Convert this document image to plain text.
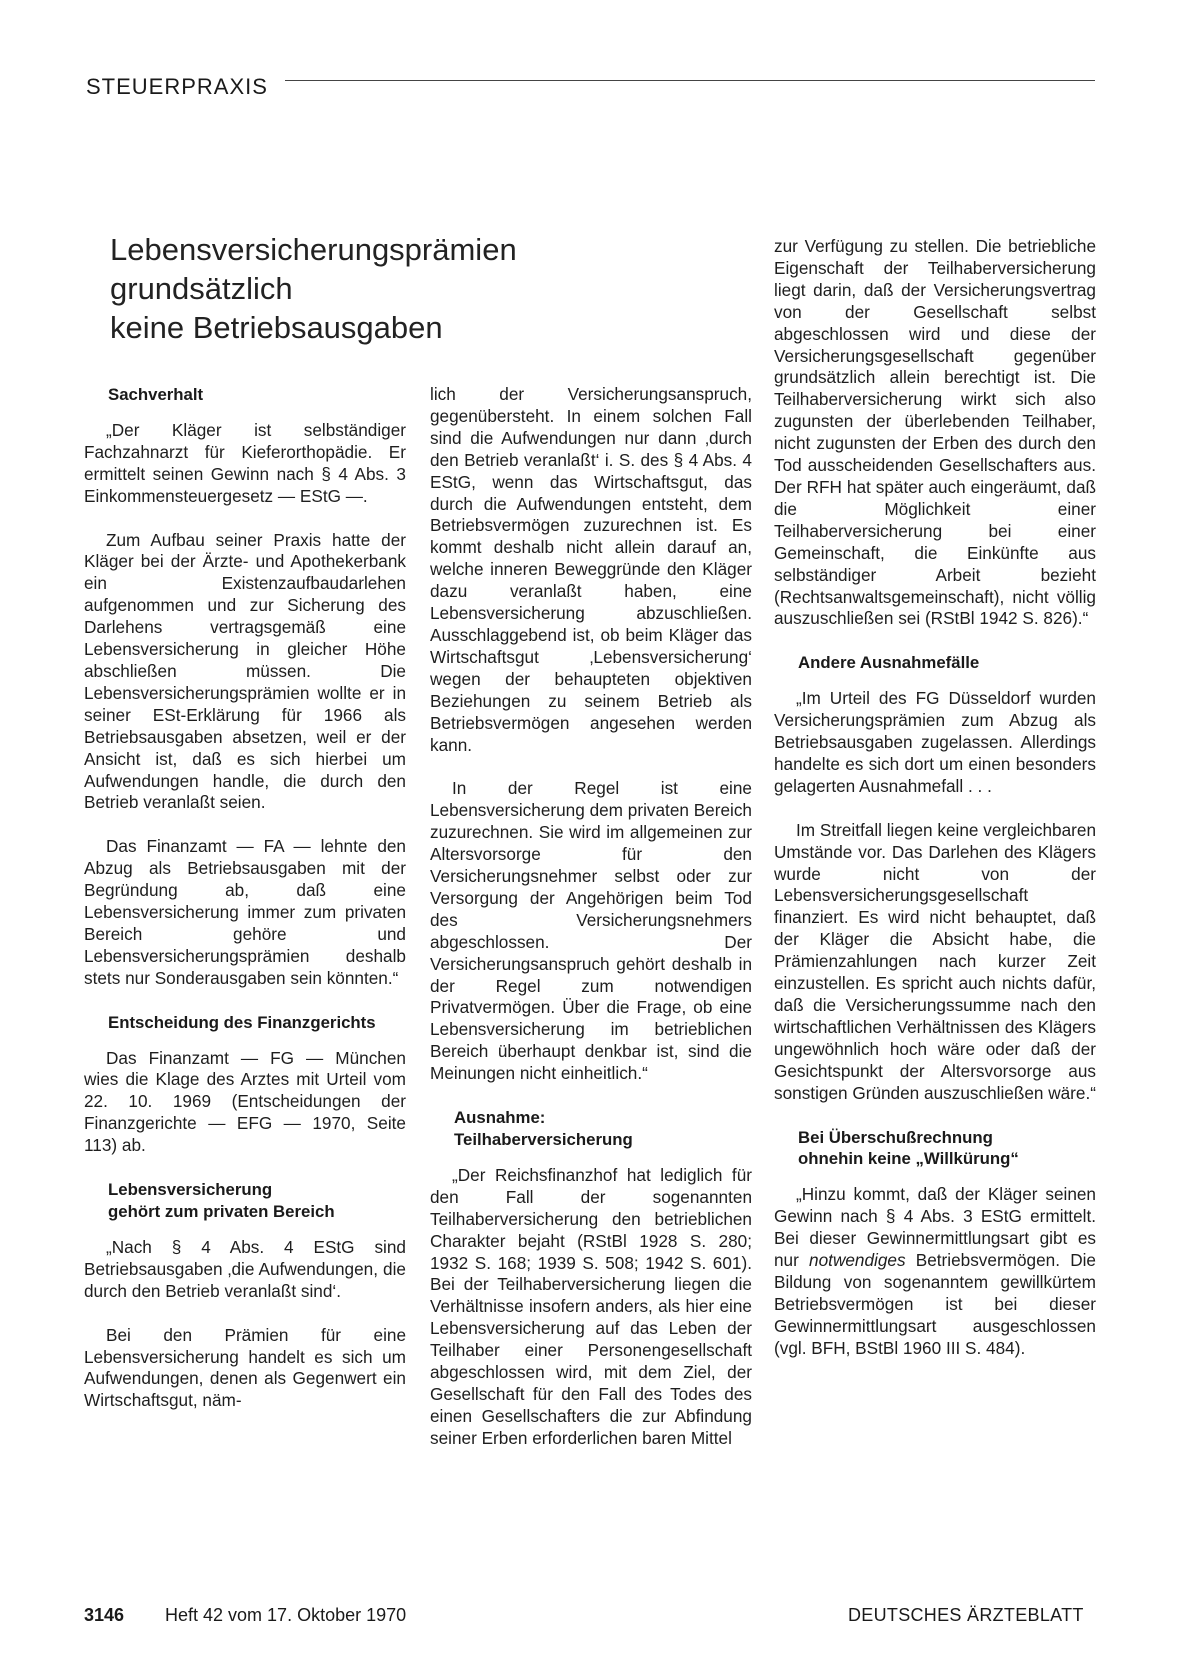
STEUERPRAXIS
Lebensversicherungsprämien
grundsätzlich
keine Betriebsausgaben
Sachverhalt

„Der Kläger ist selbständiger Fachzahnarzt für Kieferorthopädie. Er ermittelt seinen Gewinn nach § 4 Abs. 3 Einkommensteuergesetz — EStG —.

Zum Aufbau seiner Praxis hatte der Kläger bei der Ärzte- und Apothekerbank ein Existenzaufbaudarlehen aufgenommen und zur Sicherung des Darlehens vertragsgemäß eine Lebensversicherung in gleicher Höhe abschließen müssen. Die Lebensversicherungsprämien wollte er in seiner ESt-Erklärung für 1966 als Betriebsausgaben absetzen, weil er der Ansicht ist, daß es sich hierbei um Aufwendungen handle, die durch den Betrieb veranlaßt seien.

Das Finanzamt — FA — lehnte den Abzug als Betriebsausgaben mit der Begründung ab, daß eine Lebensversicherung immer zum privaten Bereich gehöre und Lebensversicherungsprämien deshalb stets nur Sonderausgaben sein könnten.“

Entscheidung des Finanzgerichts

Das Finanzamt — FG — München wies die Klage des Arztes mit Urteil vom 22. 10. 1969 (Entscheidungen der Finanzgerichte — EFG — 1970, Seite 113) ab.

Lebensversicherung
gehört zum privaten Bereich

„Nach § 4 Abs. 4 EStG sind Betriebsausgaben ‚die Aufwendungen, die durch den Betrieb veranlaßt sind‘.

Bei den Prämien für eine Lebensversicherung handelt es sich um Aufwendungen, denen als Gegenwert ein Wirtschaftsgut, näm-

lich der Versicherungsanspruch, gegenübersteht. In einem solchen Fall sind die Aufwendungen nur dann ‚durch den Betrieb veranlaßt‘ i. S. des § 4 Abs. 4 EStG, wenn das Wirtschaftsgut, das durch die Aufwendungen entsteht, dem Betriebsvermögen zuzurechnen ist. Es kommt deshalb nicht allein darauf an, welche inneren Beweggründe den Kläger dazu veranlaßt haben, eine Lebensversicherung abzuschließen. Ausschlaggebend ist, ob beim Kläger das Wirtschaftsgut ‚Lebensversicherung‘ wegen der behaupteten objektiven Beziehungen zu seinem Betrieb als Betriebsvermögen angesehen werden kann.

In der Regel ist eine Lebensversicherung dem privaten Bereich zuzurechnen. Sie wird im allgemeinen zur Altersvorsorge für den Versicherungsnehmer selbst oder zur Versorgung der Angehörigen beim Tod des Versicherungsnehmers abgeschlossen. Der Versicherungsanspruch gehört deshalb in der Regel zum notwendigen Privatvermögen. Über die Frage, ob eine Lebensversicherung im betrieblichen Bereich überhaupt denkbar ist, sind die Meinungen nicht einheitlich.“

Ausnahme:
Teilhaberversicherung

„Der Reichsfinanzhof hat lediglich für den Fall der sogenannten Teilhaberversicherung den betrieblichen Charakter bejaht (RStBl 1928 S. 280; 1932 S. 168; 1939 S. 508; 1942 S. 601). Bei der Teilhaberversicherung liegen die Verhältnisse insofern anders, als hier eine Lebensversicherung auf das Leben der Teilhaber einer Personengesellschaft abgeschlossen wird, mit dem Ziel, der Gesellschaft für den Fall des Todes des einen Gesellschafters die zur Abfindung seiner Erben erforderlichen baren Mittel

zur Verfügung zu stellen. Die betriebliche Eigenschaft der Teilhaberversicherung liegt darin, daß der Versicherungsvertrag von der Gesellschaft selbst abgeschlossen wird und diese der Versicherungsgesellschaft gegenüber grundsätzlich allein berechtigt ist. Die Teilhaberversicherung wirkt sich also zugunsten der überlebenden Teilhaber, nicht zugunsten der Erben des durch den Tod ausscheidenden Gesellschafters aus. Der RFH hat später auch eingeräumt, daß die Möglichkeit einer Teilhaberversicherung bei einer Gemeinschaft, die Einkünfte aus selbständiger Arbeit bezieht (Rechtsanwaltsgemeinschaft), nicht völlig auszuschließen sei (RStBl 1942 S. 826).“

Andere Ausnahmefälle

„Im Urteil des FG Düsseldorf wurden Versicherungsprämien zum Abzug als Betriebsausgaben zugelassen. Allerdings handelte es sich dort um einen besonders gelagerten Ausnahmefall . . .

Im Streitfall liegen keine vergleichbaren Umstände vor. Das Darlehen des Klägers wurde nicht von der Lebensversicherungsgesellschaft finanziert. Es wird nicht behauptet, daß der Kläger die Absicht habe, die Prämienzahlungen nach kurzer Zeit einzustellen. Es spricht auch nichts dafür, daß die Versicherungssumme nach den wirtschaftlichen Verhältnissen des Klägers ungewöhnlich hoch wäre oder daß der Gesichtspunkt der Altersvorsorge aus sonstigen Gründen auszuschließen wäre.“

Bei Überschußrechnung
ohnehin keine „Willkürung“

„Hinzu kommt, daß der Kläger seinen Gewinn nach § 4 Abs. 3 EStG ermittelt. Bei dieser Gewinnermittlungsart gibt es nur notwendiges Betriebsvermögen. Die Bildung von sogenanntem gewillkürtem Betriebsvermögen ist bei dieser Gewinnermittlungsart ausgeschlossen (vgl. BFH, BStBl 1960 III S. 484).

3146 Heft 42 vom 17. Oktober 1970	DEUTSCHES ÄRZTEBLATT
